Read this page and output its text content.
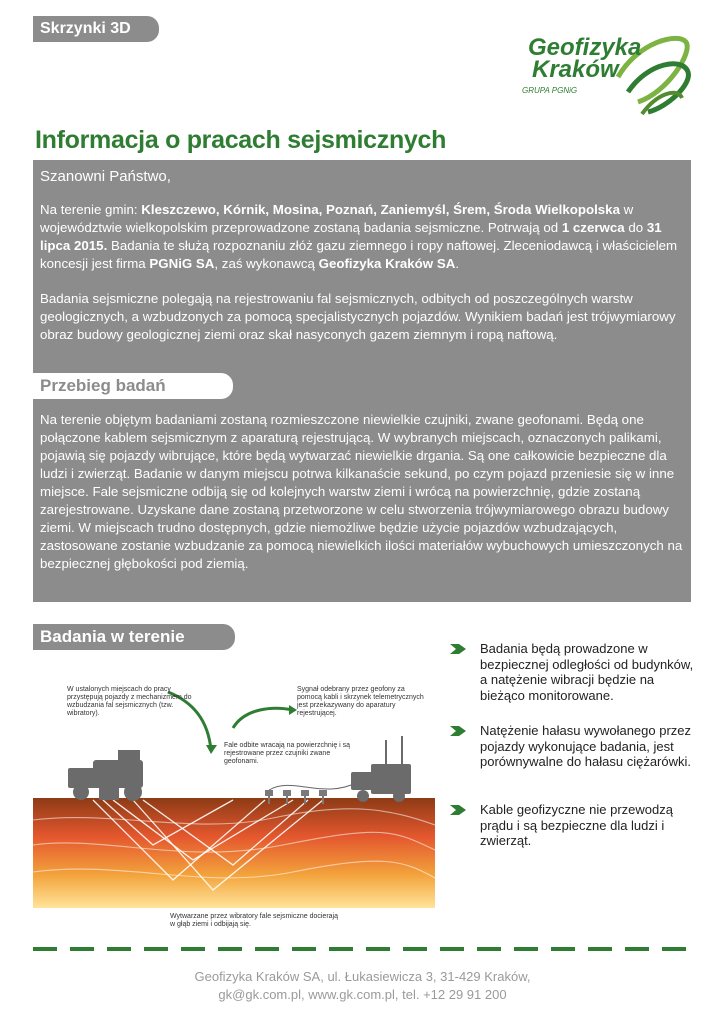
Skrzynki 3D
Geofizyka
Kraków
GRUPA PGNiG
Informacja o pracach sejsmicznych
Szanowni Państwo,

Na terenie gmin: Kleszczewo, Kórnik, Mosina, Poznań, Zaniemyśl, Śrem, Środa Wielkopolska w województwie wielkopolskim przeprowadzone zostaną badania sejsmiczne. Potrwają od 1 czerwca do 31 lipca 2015. Badania te służą rozpoznaniu złóż gazu ziemnego i ropy naftowej. Zleceniodawcą i właścicielem koncesji jest firma PGNiG SA, zaś wykonawcą Geofizyka Kraków SA.

Badania sejsmiczne polegają na rejestrowaniu fal sejsmicznych, odbitych od poszczególnych warstw geologicznych, a wzbudzonych za pomocą specjalistycznych pojazdów. Wynikiem badań jest trójwymiarowy obraz budowy geologicznej ziemi oraz skał nasyconych gazem ziemnym i ropą naftową.

Przebieg badań

Na terenie objętym badaniami zostaną rozmieszczone niewielkie czujniki, zwane geofonami. Będą one połączone kablem sejsmicznym z aparaturą rejestrującą. W wybranych miejscach, oznaczonych palikami, pojawią się pojazdy wibrujące, które będą wytwarzać niewielkie drgania. Są one całkowicie bezpieczne dla ludzi i zwierząt. Badanie w danym miejscu potrwa kilkanaście sekund, po czym pojazd przeniesie się w inne miejsce. Fale sejsmiczne odbiją się od kolejnych warstw ziemi i wrócą na powierzchnię, gdzie zostaną zarejestrowane. Uzyskane dane zostaną przetworzone w celu stworzenia trójwymiarowego obrazu budowy ziemi. W miejscach trudno dostępnych, gdzie niemożliwe będzie użycie pojazdów wzbudzających, zastosowane zostanie wzbudzanie za pomocą niewielkich ilości materiałów wybuchowych umieszczonych na bezpiecznej głębokości pod ziemią.

Badania w terenie
W ustalonych miejscach do pracy przystępują pojazdy z mechanizmem do wzbudzania fal sejsmicznych (tzw. wibratory).
Sygnał odebrany przez geofony za pomocą kabli i skrzynek telemetrycznych jest przekazywany do aparatury rejestrującej.
Fale odbite wracają na powierzchnię i są rejestrowane przez czujniki zwane geofonami.
Wytwarzane przez wibratory fale sejsmiczne docierają w głąb ziemi i odbijają się.
Badania będą prowadzone w bezpiecznej odległości od budynków, a natężenie wibracji będzie na bieżąco monitorowane.
Natężenie hałasu wywołanego przez pojazdy wykonujące badania, jest porównywalne do hałasu ciężarówki.
Kable geofizyczne nie przewodzą prądu i są bezpieczne dla ludzi i zwierząt.
Geofizyka Kraków SA, ul. Łukasiewicza 3, 31-429 Kraków,
gk@gk.com.pl, www.gk.com.pl, tel. +12 29 91 200
